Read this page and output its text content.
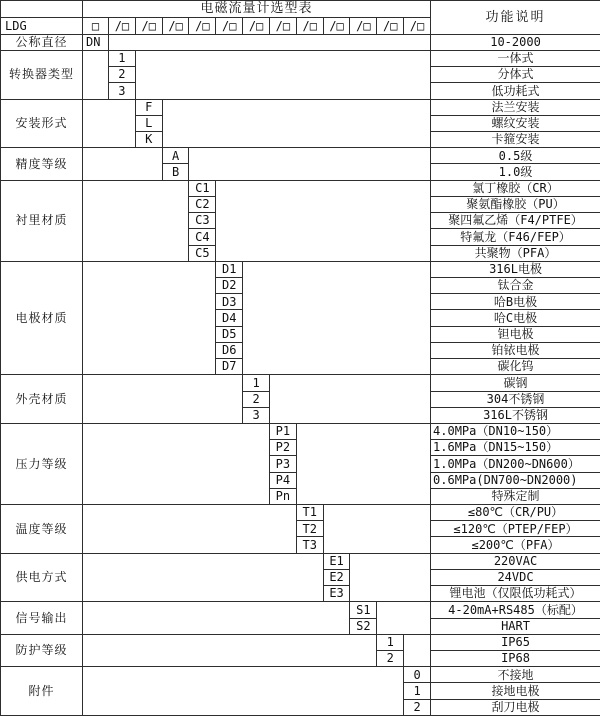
	电磁流量计选型表													功能说明
LDG	□	/□	/□	/□	/□	/□	/□	/□	/□	/□	/□	/□	/□	
公称直径	DN													10-2000
转换器类型		1												一体式
		2												分体式
		3												低功耗式
安装形式			F											法兰安装
			L											螺纹安装
			K											卡箍安装
精度等级				A										0.5级
				B										1.0级
衬里材质					C1									氯丁橡胶（CR）
					C2									聚氨酯橡胶（PU）
					C3									聚四氟乙烯（F4/PTFE）
					C4									特氟龙（F46/FEP）
					C5									共聚物（PFA）
电极材质						D1								316L电极
						D2								钛合金
						D3								哈B电极
						D4								哈C电极
						D5								钽电极
						D6								铂铱电极
						D7								碳化钨
外壳材质							1							碳钢
							2							304不锈钢
							3							316L不锈钢
压力等级								P1						4.0MPa（DN10~150）
								P2						1.6MPa（DN15~150）
								P3						1.0MPa（DN200~DN600）
								P4						0.6MPa(DN700~DN2000)
								Pn						特殊定制
温度等级									T1					≤80℃（CR/PU）
									T2					≤120℃（PTEP/FEP）
									T3					≤200℃（PFA）
供电方式										E1				220VAC
										E2				24VDC
										E3				锂电池（仅限低功耗式）
信号输出											S1			4-20mA+RS485（标配）
											S2			HART
防护等级												1		IP65
												2		IP68
附件													0	不接地
													1	接地电极
													2	刮刀电极
